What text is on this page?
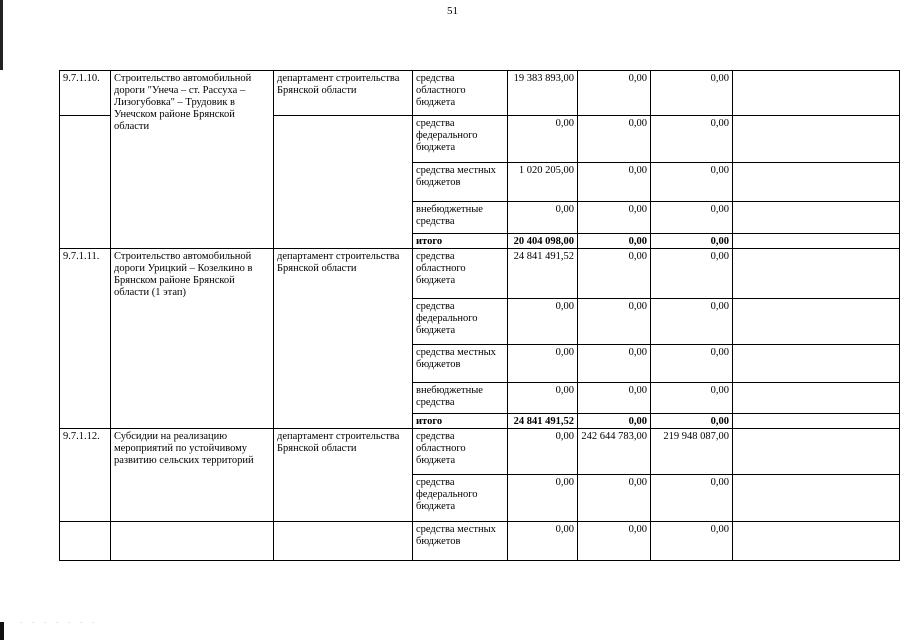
51
. . . . . . .
9.7.1.10.	Строительство автомобильной дороги "Унеча – ст. Рассуха – Лизогубовка" – Трудовик в Унечском районе Брянской области	департамент строительства Брянской области	средства областного бюджета	19 383 893,00	0,00	0,00	
			средства федерального бюджета	0,00	0,00	0,00	
			средства местных бюджетов	1 020 205,00	0,00	0,00	
			внебюджетные средства	0,00	0,00	0,00	
			итого	20 404 098,00	0,00	0,00	
9.7.1.11.	Строительство автомобильной дороги Урицкий – Козелкино в Брянском районе Брянской области (1 этап)	департамент строительства Брянской области	средства областного бюджета	24 841 491,52	0,00	0,00	
			средства федерального бюджета	0,00	0,00	0,00	
			средства местных бюджетов	0,00	0,00	0,00	
			внебюджетные средства	0,00	0,00	0,00	
			итого	24 841 491,52	0,00	0,00	
9.7.1.12.	Субсидии на реализацию мероприятий по устойчивому развитию сельских территорий	департамент строительства Брянской области	средства областного бюджета	0,00	242 644 783,00	219 948 087,00	
			средства федерального бюджета	0,00	0,00	0,00	
			средства местных бюджетов	0,00	0,00	0,00	
